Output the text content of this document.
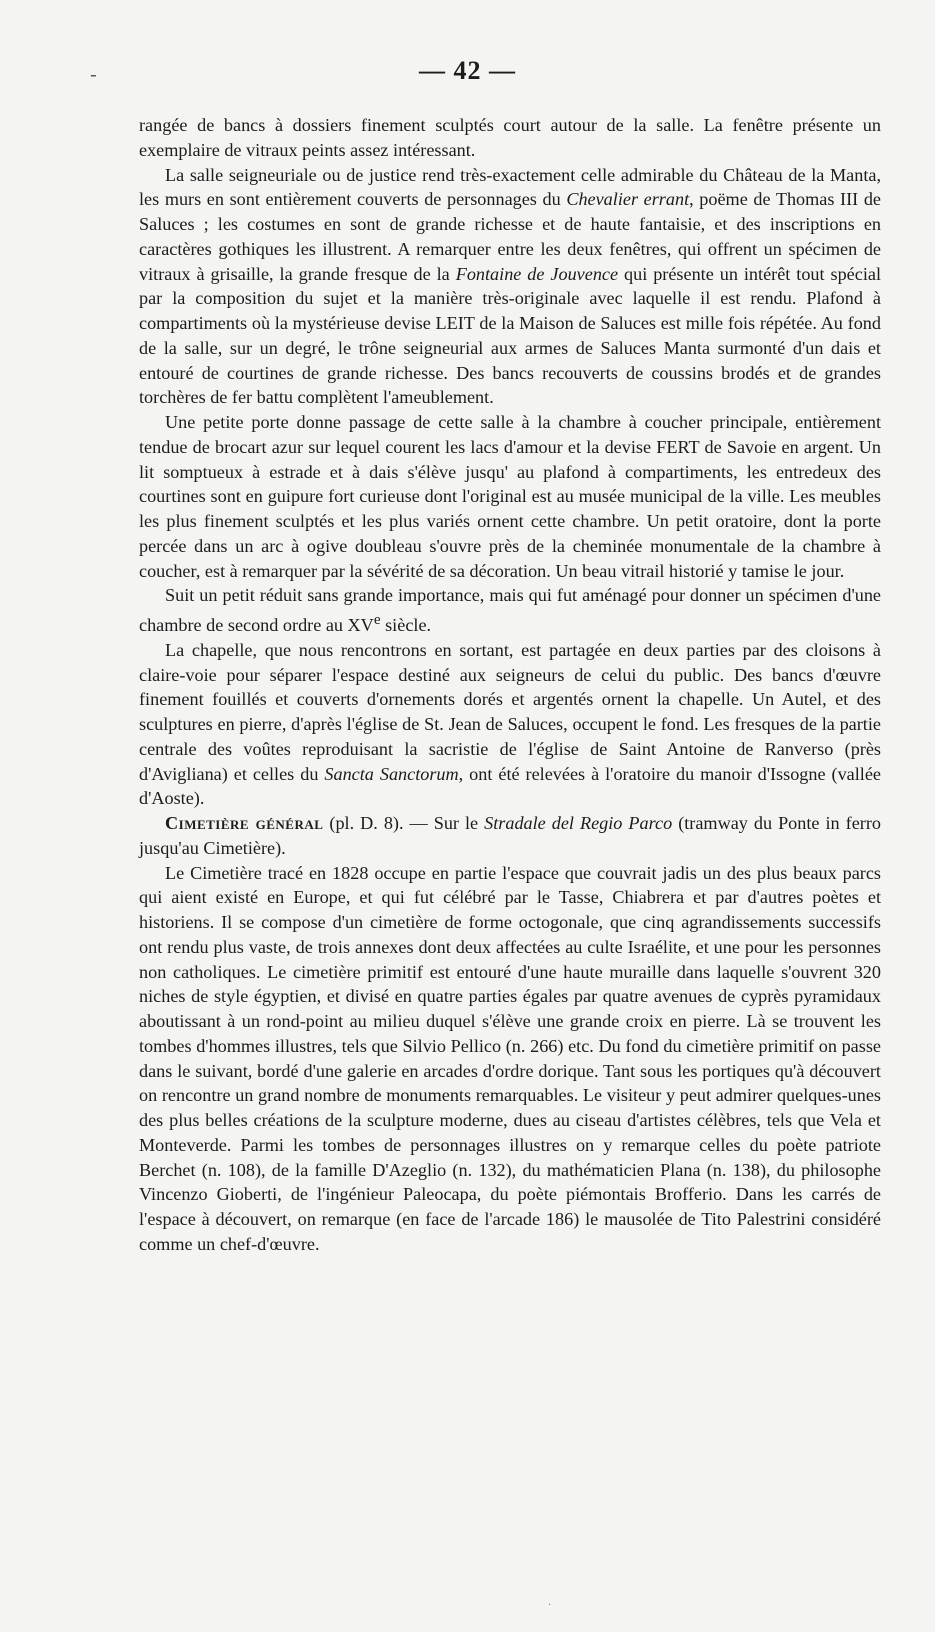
-	— 42 —

rangée de bancs à dossiers finement sculptés court autour de la salle. La fenêtre présente un exemplaire de vitraux peints assez intéressant.

La salle seigneuriale ou de justice rend très-exactement celle admirable du Château de la Manta, les murs en sont entièrement couverts de personnages du Chevalier errant, poëme de Thomas III de Saluces ; les costumes en sont de grande richesse et de haute fantaisie, et des inscriptions en caractères gothiques les illustrent. A remarquer entre les deux fenêtres, qui offrent un spécimen de vitraux à grisaille, la grande fresque de la Fontaine de Jouvence qui présente un intérêt tout spécial par la composition du sujet et la manière très-originale avec laquelle il est rendu. Plafond à compartiments où la mystérieuse devise LEIT de la Maison de Saluces est mille fois répétée. Au fond de la salle, sur un degré, le trône seigneurial aux armes de Saluces Manta surmonté d'un dais et entouré de courtines de grande richesse. Des bancs recouverts de coussins brodés et de grandes torchères de fer battu complètent l'ameublement.

Une petite porte donne passage de cette salle à la chambre à coucher principale, entièrement tendue de brocart azur sur lequel courent les lacs d'amour et la devise FERT de Savoie en argent. Un lit somptueux à estrade et à dais s'élève jusqu' au plafond à compartiments, les entredeux des courtines sont en guipure fort curieuse dont l'original est au musée municipal de la ville. Les meubles les plus finement sculptés et les plus variés ornent cette chambre. Un petit oratoire, dont la porte percée dans un arc à ogive doubleau s'ouvre près de la cheminée monumentale de la chambre à coucher, est à remarquer par la sévérité de sa décoration. Un beau vitrail historié y tamise le jour.

Suit un petit réduit sans grande importance, mais qui fut aménagé pour donner un spécimen d'une chambre de second ordre au XVe siècle.

La chapelle, que nous rencontrons en sortant, est partagée en deux parties par des cloisons à claire-voie pour séparer l'espace destiné aux seigneurs de celui du public. Des bancs d'œuvre finement fouillés et couverts d'ornements dorés et argentés ornent la chapelle. Un Autel, et des sculptures en pierre, d'après l'église de St. Jean de Saluces, occupent le fond. Les fresques de la partie centrale des voûtes reproduisant la sacristie de l'église de Saint Antoine de Ranverso (près d'Avigliana) et celles du Sancta Sanctorum, ont été relevées à l'oratoire du manoir d'Issogne (vallée d'Aoste).

Cimetière général (pl. D. 8). — Sur le Stradale del Regio Parco (tramway du Ponte in ferro jusqu'au Cimetière).

Le Cimetière tracé en 1828 occupe en partie l'espace que couvrait jadis un des plus beaux parcs qui aient existé en Europe, et qui fut célébré par le Tasse, Chiabrera et par d'autres poètes et historiens. Il se compose d'un cimetière de forme octogonale, que cinq agrandissements successifs ont rendu plus vaste, de trois annexes dont deux affectées au culte Israélite, et une pour les personnes non catholiques. Le cimetière primitif est entouré d'une haute muraille dans laquelle s'ouvrent 320 niches de style égyptien, et divisé en quatre parties égales par quatre avenues de cyprès pyramidaux aboutissant à un rond-point au milieu duquel s'élève une grande croix en pierre. Là se trouvent les tombes d'hommes illustres, tels que Silvio Pellico (n. 266) etc. Du fond du cimetière primitif on passe dans le suivant, bordé d'une galerie en arcades d'ordre dorique. Tant sous les portiques qu'à découvert on rencontre un grand nombre de monuments remarquables. Le visiteur y peut admirer quelques-unes des plus belles créations de la sculpture moderne, dues au ciseau d'artistes célèbres, tels que Vela et Monteverde. Parmi les tombes de personnages illustres on y remarque celles du poète patriote Berchet (n. 108), de la famille D'Azeglio (n. 132), du mathématicien Plana (n. 138), du philosophe Vincenzo Gioberti, de l'ingénieur Paleocapa, du poète piémontais Brofferio. Dans les carrés de l'espace à découvert, on remarque (en face de l'arcade 186) le mausolée de Tito Palestrini considéré comme un chef-d'œuvre.

.
